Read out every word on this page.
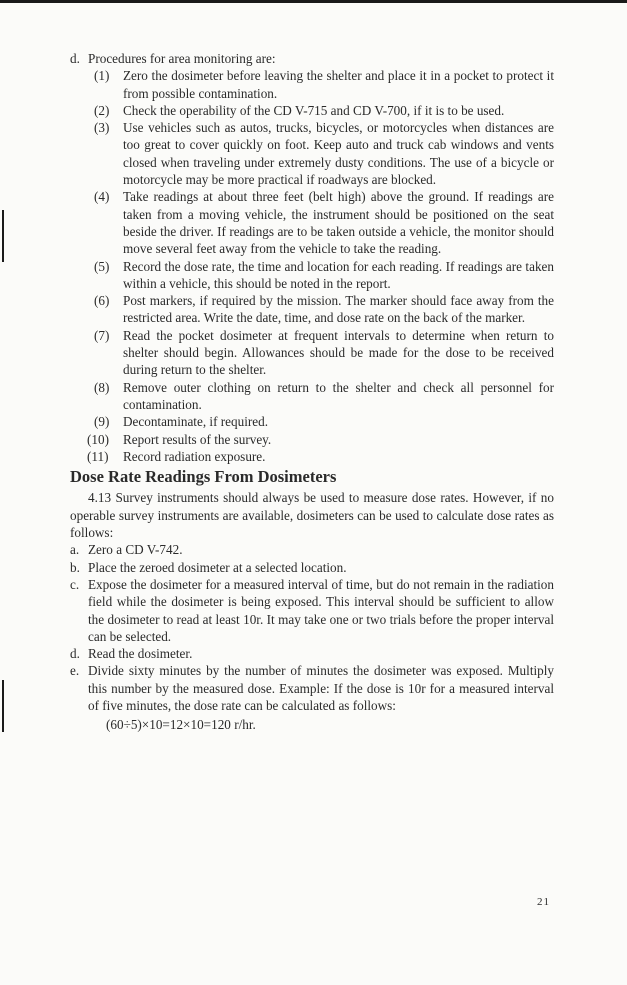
d. Procedures for area monitoring are:
(1) Zero the dosimeter before leaving the shelter and place it in a pocket to protect it from possible contamination.
(2) Check the operability of the CD V-715 and CD V-700, if it is to be used.
(3) Use vehicles such as autos, trucks, bicycles, or motorcycles when distances are too great to cover quickly on foot. Keep auto and truck cab windows and vents closed when traveling under extremely dusty conditions. The use of a bicycle or motorcycle may be more practical if roadways are blocked.
(4) Take readings at about three feet (belt high) above the ground. If readings are taken from a moving vehicle, the instrument should be positioned on the seat beside the driver. If readings are to be taken outside a vehicle, the monitor should move several feet away from the vehicle to take the reading.
(5) Record the dose rate, the time and location for each reading. If readings are taken within a vehicle, this should be noted in the report.
(6) Post markers, if required by the mission. The marker should face away from the restricted area. Write the date, time, and dose rate on the back of the marker.
(7) Read the pocket dosimeter at frequent intervals to determine when return to shelter should begin. Allowances should be made for the dose to be received during return to the shelter.
(8) Remove outer clothing on return to the shelter and check all personnel for contamination.
(9) Decontaminate, if required.
(10) Report results of the survey.
(11) Record radiation exposure.
Dose Rate Readings From Dosimeters

4.13 Survey instruments should always be used to measure dose rates. However, if no operable survey instruments are available, dosimeters can be used to calculate dose rates as follows:

a. Zero a CD V-742.
b. Place the zeroed dosimeter at a selected location.
c. Expose the dosimeter for a measured interval of time, but do not remain in the radiation field while the dosimeter is being exposed. This interval should be sufficient to allow the dosimeter to read at least 10r. It may take one or two trials before the proper interval can be selected.
d. Read the dosimeter.
e. Divide sixty minutes by the number of minutes the dosimeter was exposed. Multiply this number by the measured dose. Example: If the dose is 10r for a measured interval of five minutes, the dose rate can be calculated as follows:
(60÷5)×10=12×10=120 r/hr.
21
